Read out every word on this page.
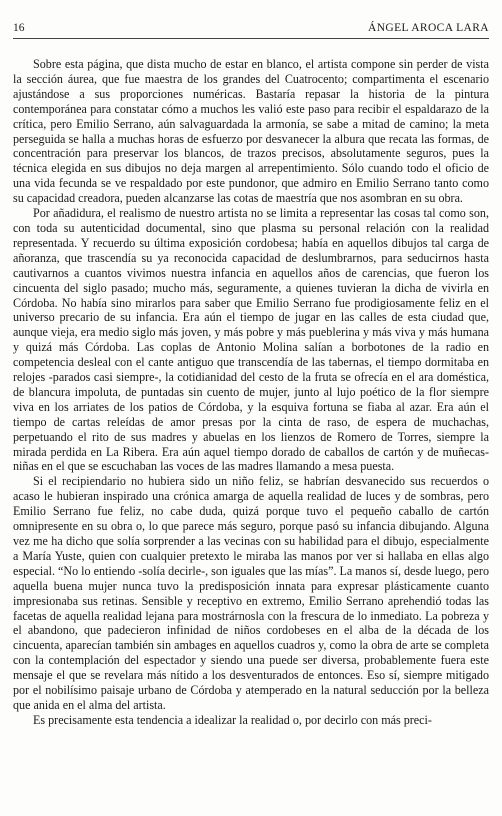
16	ÁNGEL AROCA LARA

Sobre esta página, que dista mucho de estar en blanco, el artista compone sin perder de vista la sección áurea, que fue maestra de los grandes del Cuatrocento; compartimenta el escenario ajustándose a sus proporciones numéricas. Bastaría repasar la historia de la pintura contemporánea para constatar cómo a muchos les valió este paso para recibir el espaldarazo de la crítica, pero Emilio Serrano, aún salvaguardada la armonía, se sabe a mitad de camino; la meta perseguida se halla a muchas horas de esfuerzo por desvanecer la albura que recata las formas, de concentración para preservar los blancos, de trazos precisos, absolutamente seguros, pues la técnica elegida en sus dibujos no deja margen al arrepentimiento. Sólo cuando todo el oficio de una vida fecunda se ve respaldado por este pundonor, que admiro en Emilio Serrano tanto como su capacidad creadora, pueden alcanzarse las cotas de maestría que nos asombran en su obra.

Por añadidura, el realismo de nuestro artista no se limita a representar las cosas tal como son, con toda su autenticidad documental, sino que plasma su personal relación con la realidad representada. Y recuerdo su última exposición cordobesa; había en aquellos dibujos tal carga de añoranza, que trascendía su ya reconocida capacidad de deslumbrarnos, para seducirnos hasta cautivarnos a cuantos vivimos nuestra infancia en aquellos años de carencias, que fueron los cincuenta del siglo pasado; mucho más, seguramente, a quienes tuvieran la dicha de vivirla en Córdoba. No había sino mirarlos para saber que Emilio Serrano fue prodigiosamente feliz en el universo precario de su infancia. Era aún el tiempo de jugar en las calles de esta ciudad que, aunque vieja, era medio siglo más joven, y más pobre y más pueblerina y más viva y más humana y quizá más Córdoba. Las coplas de Antonio Molina salían a borbotones de la radio en competencia desleal con el cante antiguo que transcendía de las tabernas, el tiempo dormitaba en relojes -parados casi siempre-, la cotidianidad del cesto de la fruta se ofrecía en el ara doméstica, de blancura impoluta, de puntadas sin cuento de mujer, junto al lujo poético de la flor siempre viva en los arriates de los patios de Córdoba, y la esquiva fortuna se fiaba al azar. Era aún el tiempo de cartas releídas de amor presas por la cinta de raso, de espera de muchachas, perpetuando el rito de sus madres y abuelas en los lienzos de Romero de Torres, siempre la mirada perdida en La Ribera. Era aún aquel tiempo dorado de caballos de cartón y de muñecas-niñas en el que se escuchaban las voces de las madres llamando a mesa puesta.

Si el recipiendario no hubiera sido un niño feliz, se habrían desvanecido sus recuerdos o acaso le hubieran inspirado una crónica amarga de aquella realidad de luces y de sombras, pero Emilio Serrano fue feliz, no cabe duda, quizá porque tuvo el pequeño caballo de cartón omnipresente en su obra o, lo que parece más seguro, porque pasó su infancia dibujando. Alguna vez me ha dicho que solía sorprender a las vecinas con su habilidad para el dibujo, especialmente a María Yuste, quien con cualquier pretexto le miraba las manos por ver si hallaba en ellas algo especial. “No lo entiendo -solía decirle-, son iguales que las mías”. La manos sí, desde luego, pero aquella buena mujer nunca tuvo la predisposición innata para expresar plásticamente cuanto impresionaba sus retinas. Sensible y receptivo en extremo, Emilio Serrano aprehendió todas las facetas de aquella realidad lejana para mostrárnosla con la frescura de lo inmediato. La pobreza y el abandono, que padecieron infinidad de niños cordobeses en el alba de la década de los cincuenta, aparecían también sin ambages en aquellos cuadros y, como la obra de arte se completa con la contemplación del espectador y siendo una puede ser diversa, probablemente fuera este mensaje el que se revelara más nítido a los desventurados de entonces. Eso sí, siempre mitigado por el nobilísimo paisaje urbano de Córdoba y atemperado en la natural seducción por la belleza que anida en el alma del artista.

Es precisamente esta tendencia a idealizar la realidad o, por decirlo con más preci-
